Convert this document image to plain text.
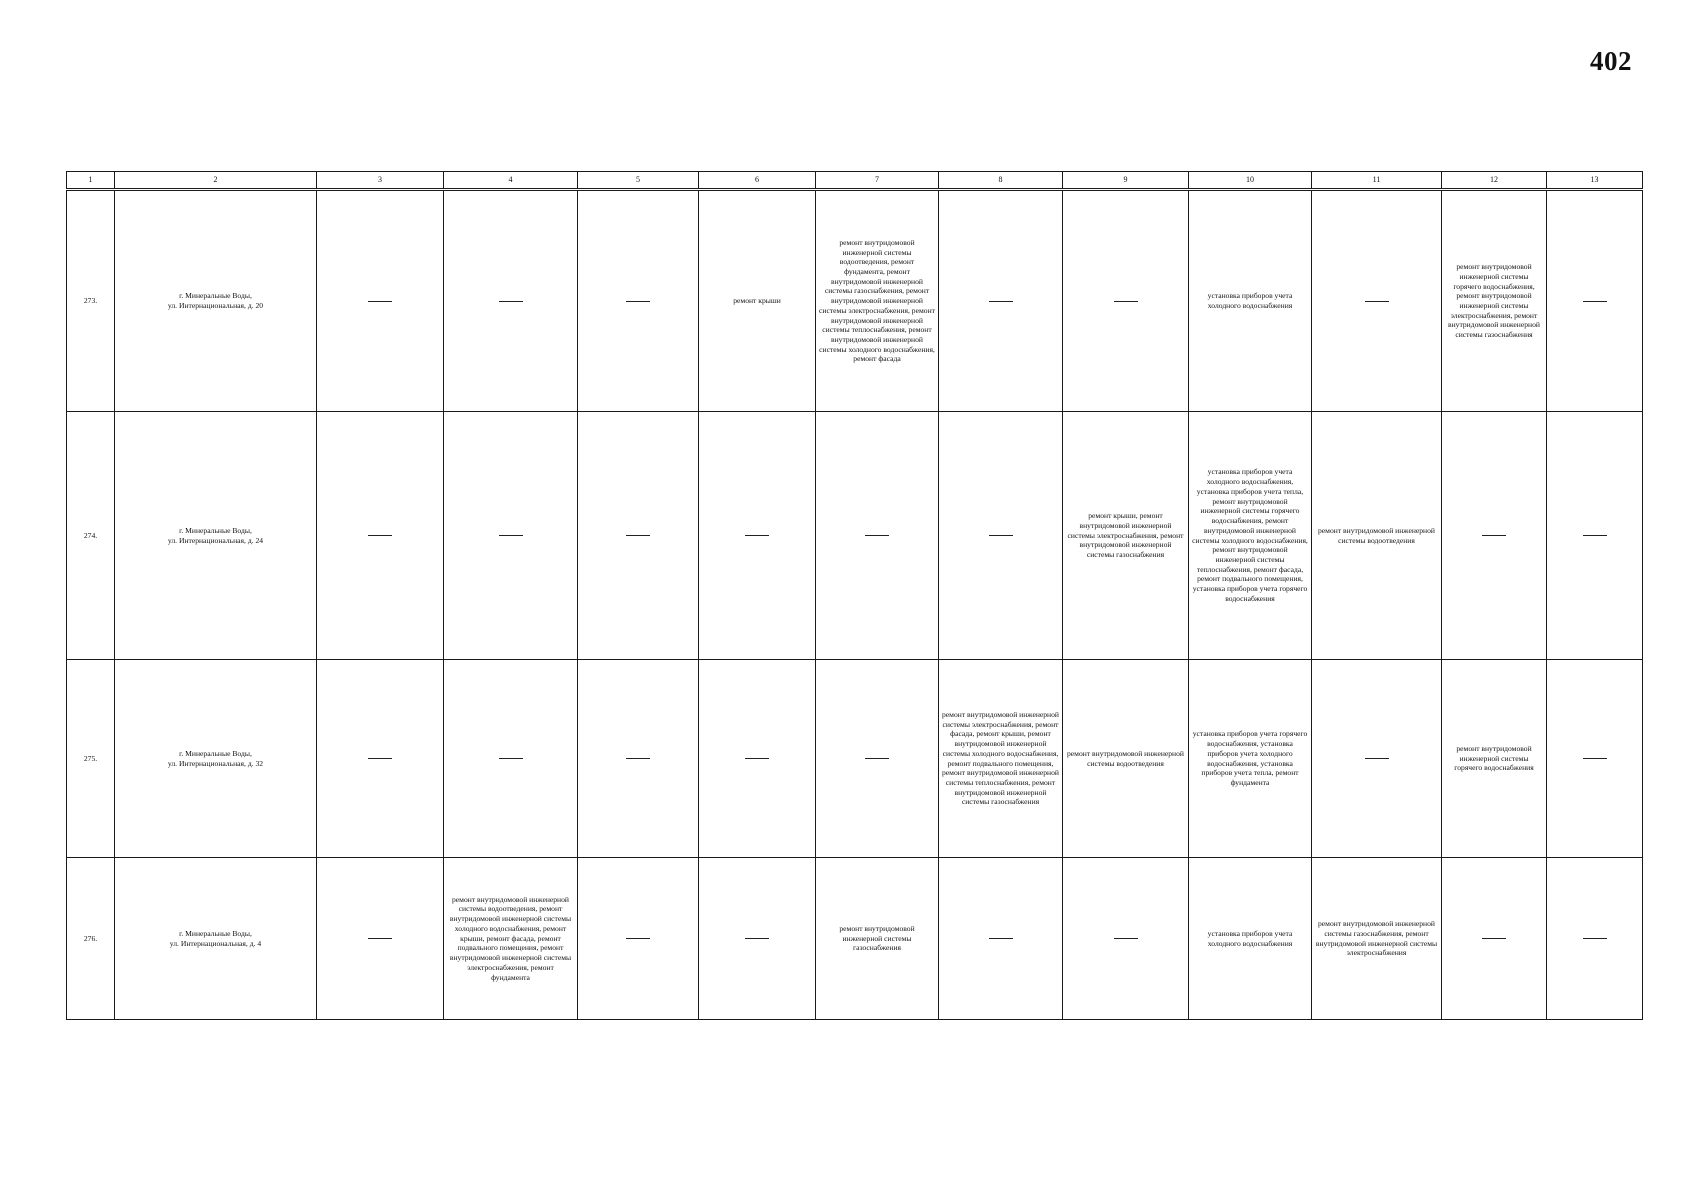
402
1	2	3	4	5	6	7	8	9	10	11	12	13
273.	г. Минеральные Воды,
ул. Интернациональная, д. 20				ремонт крыши	ремонт внутридомовой инженерной системы водоотведения, ремонт фундамента, ремонт внутридомовой инженерной системы газоснабжения, ремонт внутридомовой инженерной системы электроснабжения, ремонт внутридомовой инженерной системы теплоснабжения, ремонт внутридомовой инженерной системы холодного водоснабжения, ремонт фасада			установка приборов учета холодного водоснабжения		ремонт внутридомовой инженерной системы горячего водоснабжения, ремонт внутридомовой инженерной системы электроснабжения, ремонт внутридомовой инженерной системы газоснабжения	
274.	г. Минеральные Воды,
ул. Интернациональная, д. 24							ремонт крыши, ремонт внутридомовой инженерной системы электроснабжения, ремонт внутридомовой инженерной системы газоснабжения	установка приборов учета холодного водоснабжения, установка приборов учета тепла, ремонт внутридомовой инженерной системы горячего водоснабжения, ремонт внутридомовой инженерной системы холодного водоснабжения, ремонт внутридомовой инженерной системы теплоснабжения, ремонт фасада, ремонт подвального помещения, установка приборов учета горячего водоснабжения	ремонт внутридомовой инженерной системы водоотведения		
275.	г. Минеральные Воды,
ул. Интернациональная, д. 32						ремонт внутридомовой инженерной системы электроснабжения, ремонт фасада, ремонт крыши, ремонт внутридомовой инженерной системы холодного водоснабжения, ремонт подвального помещения, ремонт внутридомовой инженерной системы теплоснабжения, ремонт внутридомовой инженерной системы газоснабжения	ремонт внутридомовой инженерной системы водоотведения	установка приборов учета горячего водоснабжения, установка приборов учета холодного водоснабжения, установка приборов учета тепла, ремонт фундамента		ремонт внутридомовой инженерной системы горячего водоснабжения	
276.	г. Минеральные Воды,
ул. Интернациональная, д. 4		ремонт внутридомовой инженерной системы водоотведения, ремонт внутридомовой инженерной системы холодного водоснабжения, ремонт крыши, ремонт фасада, ремонт подвального помещения, ремонт внутридомовой инженерной системы электроснабжения, ремонт фундамента			ремонт внутридомовой инженерной системы газоснабжения			установка приборов учета холодного водоснабжения	ремонт внутридомовой инженерной системы газоснабжения, ремонт внутридомовой инженерной системы электроснабжения		
